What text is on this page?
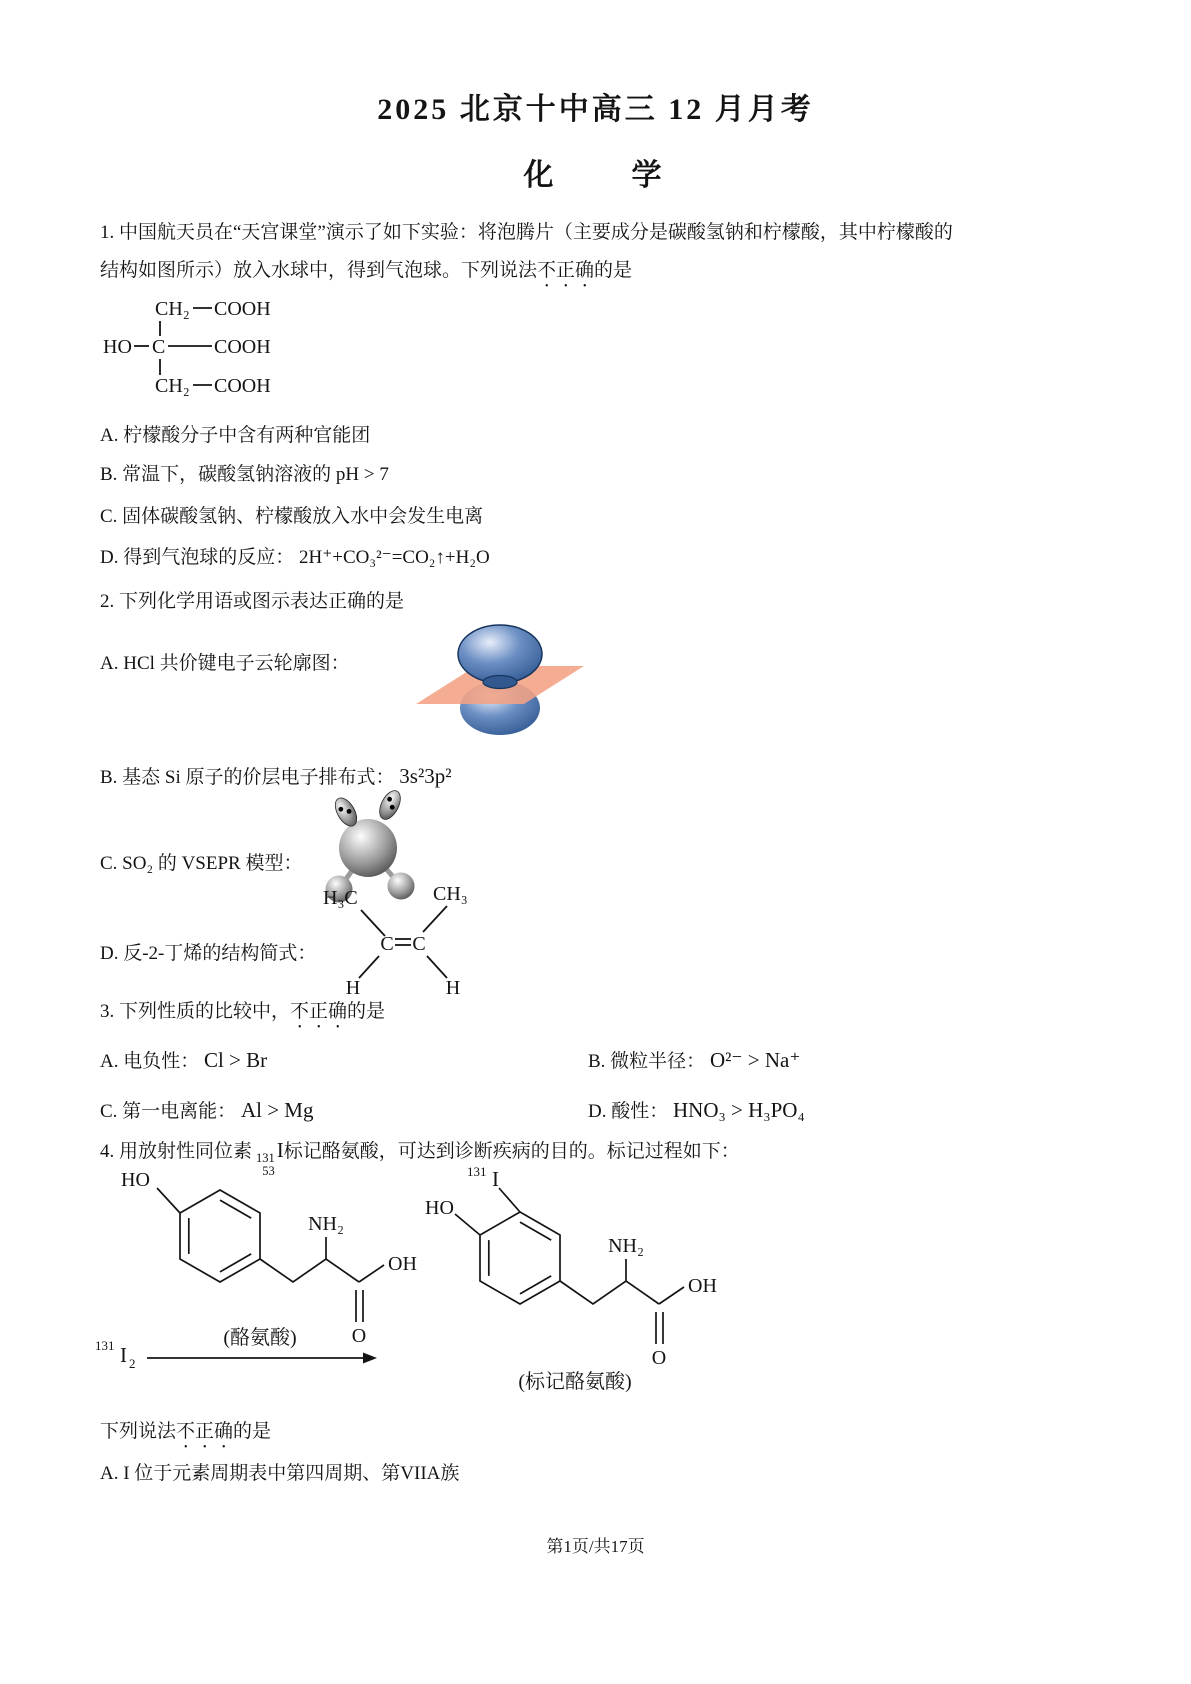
2025 北京十中高三 12 月月考
化　　学
1. 中国航天员在“天宫课堂”演示了如下实验：将泡腾片（主要成分是碳酸氢钠和柠檬酸，其中柠檬酸的
结构如图所示）放入水球中，得到气泡球。下列说法不正确的是
CH₂ COOH
HO C COOH
CH₂ COOH
A. 柠檬酸分子中含有两种官能团
B. 常温下，碳酸氢钠溶液的 pH > 7
C. 固体碳酸氢钠、柠檬酸放入水中会发生电离
D. 得到气泡球的反应： 2H⁺+CO₃²⁻=CO₂↑+H₂O
2. 下列化学用语或图示表达正确的是
A. HCl 共价键电子云轮廓图：
B. 基态 Si 原子的价层电子排布式： 3s²3p²
C. SO₂ 的 VSEPR 模型：
D. 反-2-丁烯的结构简式：
H₃C	CH₃
C C
H	H
3. 下列性质的比较中，不正确的是
A. 电负性： Cl > Br	B. 微粒半径： O²⁻ > Na⁺
C. 第一电离能： Al > Mg	D. 酸性： HNO₃ > H₃PO₄
4. 用放射性同位素 131
53
I标记酪氨酸，可达到诊断疾病的目的。标记过程如下：
HO
NH₂
OH
O
(酪氨酸)
HO
NH₂
OH
O
(标记酪氨酸)
131 I 2
131 I
下列说法不正确的是
A. I 位于元素周期表中第四周期、第VIIA族
第1页/共17页
